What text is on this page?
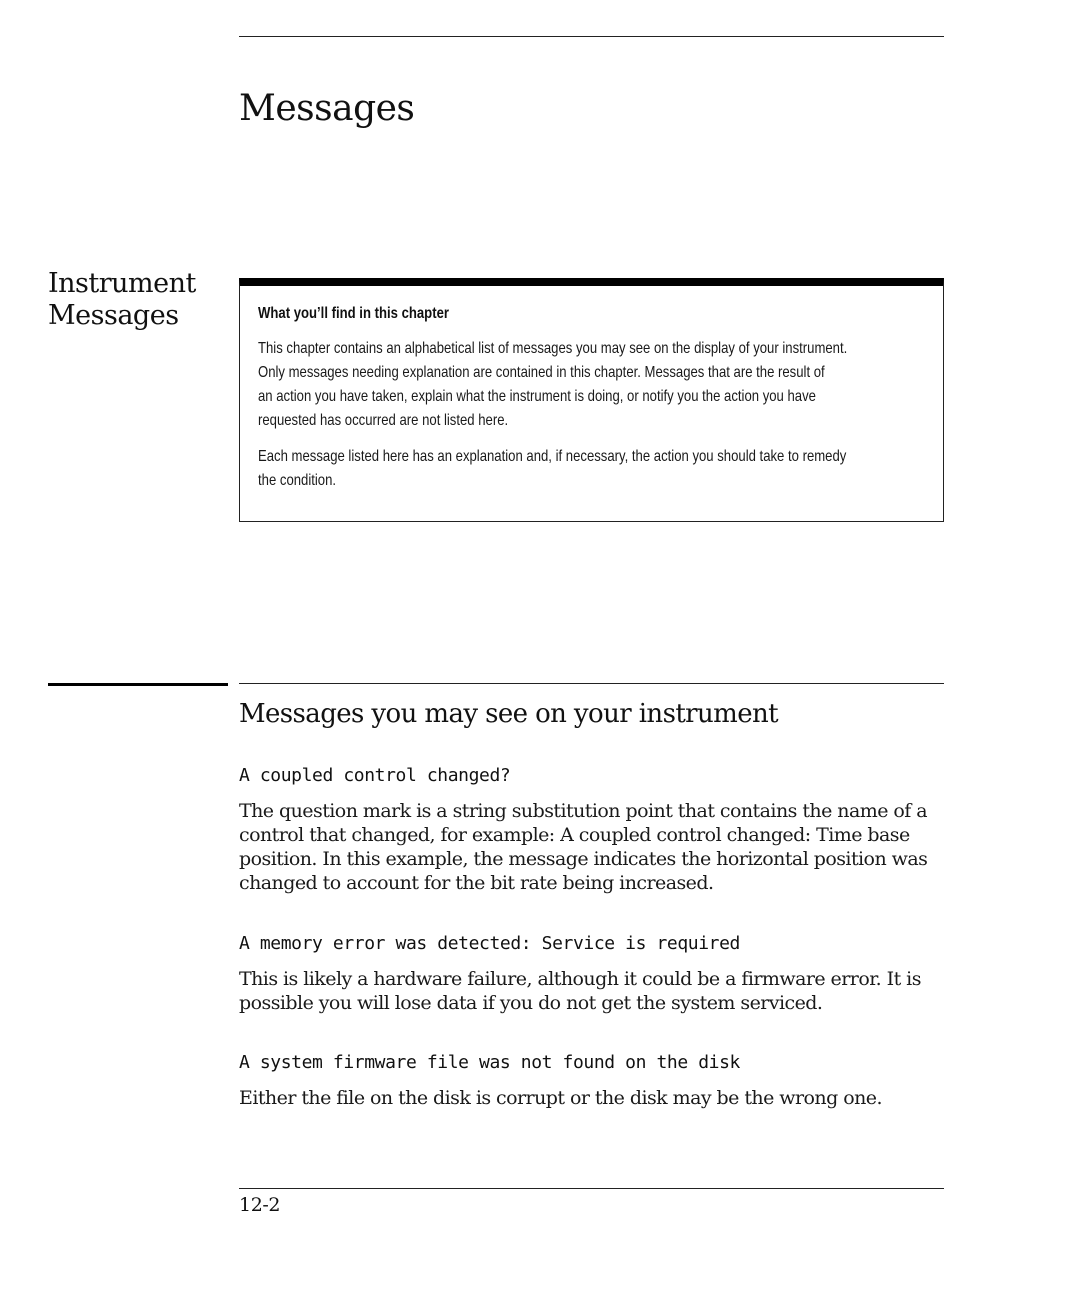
Messages
Instrument
Messages	What you’ll find in this chapter
This chapter contains an alphabetical list of messages you may see on the display of your instrument.
Only messages needing explanation are contained in this chapter. Messages that are the result of
an action you have taken, explain what the instrument is doing, or notify you the action you have
requested has occurred are not listed here.
Each message listed here has an explanation and, if necessary, the action you should take to remedy
the condition.
Messages you may see on your instrument
A coupled control changed?
The question mark is a string substitution point that contains the name of a
control that changed, for example: A coupled control changed: Time base
position. In this example, the message indicates the horizontal position was
changed to account for the bit rate being increased.
A memory error was detected: Service is required
This is likely a hardware failure, although it could be a firmware error. It is
possible you will lose data if you do not get the system serviced.
A system firmware file was not found on the disk
Either the file on the disk is corrupt or the disk may be the wrong one.
12-2
